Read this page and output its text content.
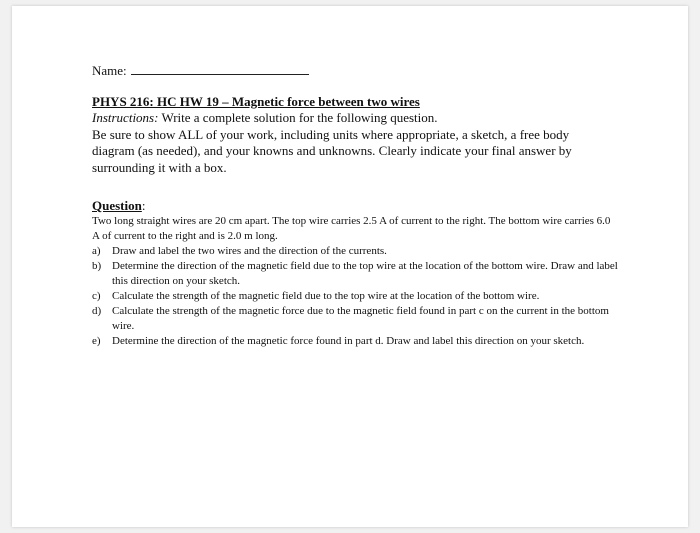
Name:
PHYS 216: HC HW 19 – Magnetic force between two wires

Instructions: Write a complete solution for the following question.

Be sure to show ALL of your work, including units where appropriate, a sketch, a free body diagram (as needed), and your knowns and unknowns. Clearly indicate your final answer by surrounding it with a box.

Question:
Two long straight wires are 20 cm apart. The top wire carries 2.5 A of current to the right. The bottom wire carries 6.0 A of current to the right and is 2.0 m long.
a) Draw and label the two wires and the direction of the currents.
b) Determine the direction of the magnetic field due to the top wire at the location of the bottom wire. Draw and label this direction on your sketch.
c) Calculate the strength of the magnetic field due to the top wire at the location of the bottom wire.
d) Calculate the strength of the magnetic force due to the magnetic field found in part c on the current in the bottom wire.
e) Determine the direction of the magnetic force found in part d. Draw and label this direction on your sketch.
